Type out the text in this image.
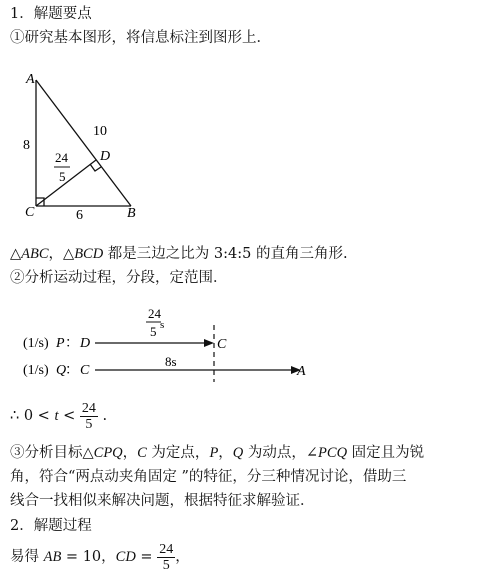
1．解题要点
①研究基本图形，将信息标注到图形上．
A
B
C
D
8
10
6
24
5
24
5 s
(1/s) P ： D	C
8s
(1/s) Q
： C	A
△ABC，△BCD 都是三边之比为 3:4:5 的直角三角形.
②分析运动过程，分段，定范围．
∴ $0 < t < \frac{24}{5}$ .
③分析目标△CPQ，C 为定点，P，Q 为动点，∠PCQ 固定且为锐
角，符合“两点动夹角固定 ”的特征，分三种情况讨论，借助三
线合一找相似来解决问题，根据特征求解验证．
2．解题过程
易得 AB = 10，CD = $\frac{24}{5}$ ，
